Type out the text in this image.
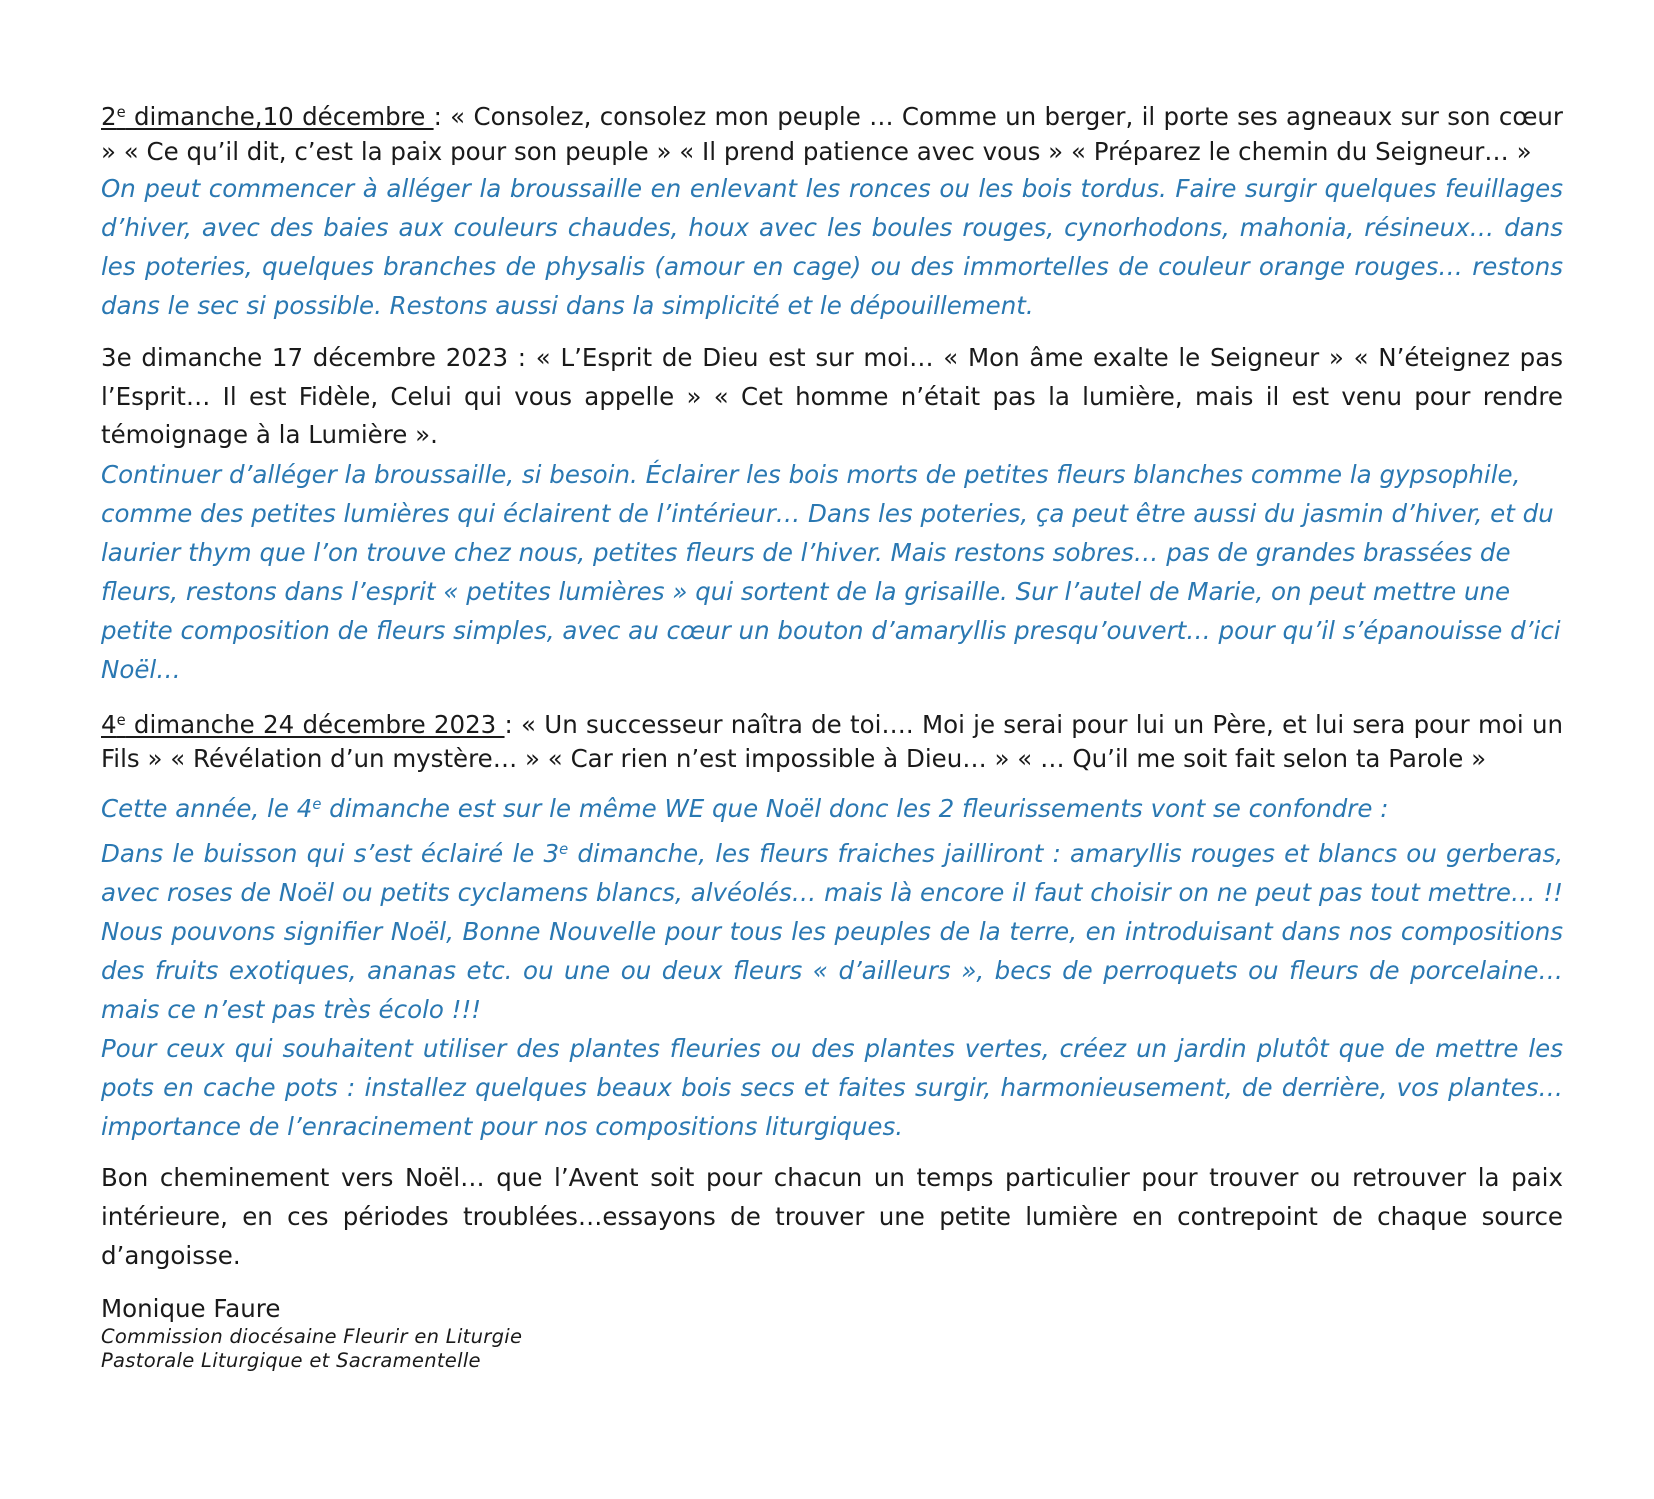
2e dimanche,10 décembre : « Consolez, consolez mon peuple … Comme un berger, il porte ses agneaux sur son cœur » « Ce qu’il dit, c’est la paix pour son peuple » « Il prend patience avec vous » « Préparez le chemin du Seigneur… »

On peut commencer à alléger la broussaille en enlevant les ronces ou les bois tordus. Faire surgir quelques feuillages d’hiver, avec des baies aux couleurs chaudes, houx avec les boules rouges, cynorhodons, mahonia, résineux… dans les poteries, quelques branches de physalis (amour en cage) ou des immortelles de couleur orange rouges… restons dans le sec si possible. Restons aussi dans la simplicité et le dépouillement.

3e dimanche 17 décembre 2023 : « L’Esprit de Dieu est sur moi… « Mon âme exalte le Seigneur » « N’éteignez pas l’Esprit… Il est Fidèle, Celui qui vous appelle » « Cet homme n’était pas la lumière, mais il est venu pour rendre témoignage à la Lumière ».

Continuer d’alléger la broussaille, si besoin. Éclairer les bois morts de petites fleurs blanches comme la gypsophile, comme des petites lumières qui éclairent de l’intérieur… Dans les poteries, ça peut être aussi du jasmin d’hiver, et du laurier thym que l’on trouve chez nous, petites fleurs de l’hiver. Mais restons sobres… pas de grandes brassées de fleurs, restons dans l’esprit « petites lumières » qui sortent de la grisaille. Sur l’autel de Marie, on peut mettre une petite composition de fleurs simples, avec au cœur un bouton d’amaryllis presqu’ouvert… pour qu’il s’épanouisse d’ici Noël…

4e dimanche 24 décembre 2023 : « Un successeur naîtra de toi…. Moi je serai pour lui un Père, et lui sera pour moi un Fils » « Révélation d’un mystère… » « Car rien n’est impossible à Dieu… » « … Qu’il me soit fait selon ta Parole »

Cette année, le 4e dimanche est sur le même WE que Noël donc les 2 fleurissements vont se confondre :

Dans le buisson qui s’est éclairé le 3e dimanche, les fleurs fraiches jailliront : amaryllis rouges et blancs ou gerberas, avec roses de Noël ou petits cyclamens blancs, alvéolés… mais là encore il faut choisir on ne peut pas tout mettre… !! Nous pouvons signifier Noël, Bonne Nouvelle pour tous les peuples de la terre, en introduisant dans nos compositions des fruits exotiques, ananas etc. ou une ou deux fleurs « d’ailleurs », becs de perroquets ou fleurs de porcelaine… mais ce n’est pas très écolo !!!

Pour ceux qui souhaitent utiliser des plantes fleuries ou des plantes vertes, créez un jardin plutôt que de mettre les pots en cache pots : installez quelques beaux bois secs et faites surgir, harmonieusement, de derrière, vos plantes… importance de l’enracinement pour nos compositions liturgiques.

Bon cheminement vers Noël… que l’Avent soit pour chacun un temps particulier pour trouver ou retrouver la paix intérieure, en ces périodes troublées…essayons de trouver une petite lumière en contrepoint de chaque source d’angoisse.

Monique Faure

Commission diocésaine Fleurir en Liturgie

Pastorale Liturgique et Sacramentelle
